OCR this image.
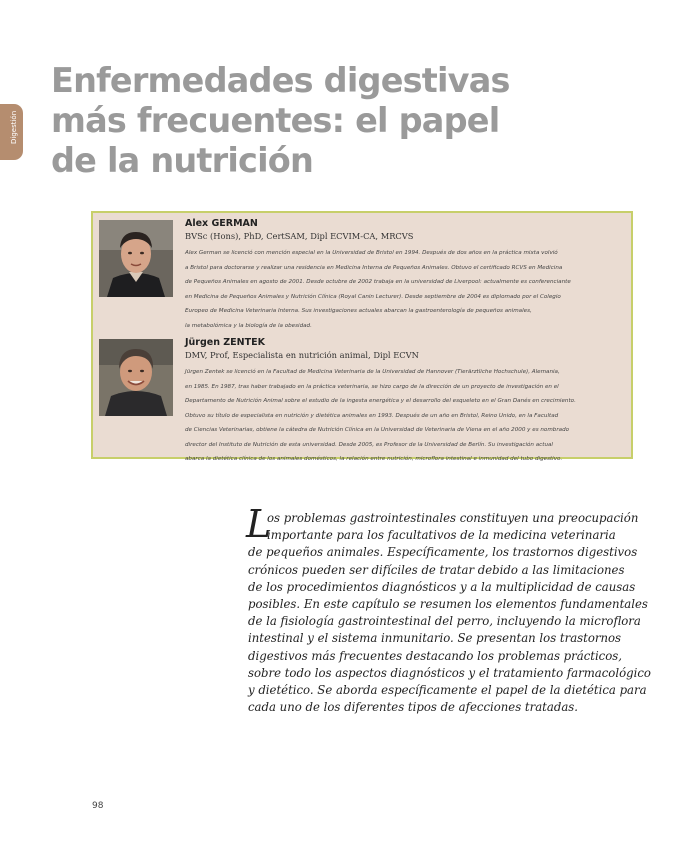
Digestión
Enfermedades digestivas
más frecuentes: el papel
de la nutrición
Alex GERMAN
BVSc (Hons), PhD, CertSAM, Dipl ECVIM-CA, MRCVS
Alex German se licenció con mención especial en la Universidad de Bristol en 1994. Después de dos años en la práctica mixta volvió
a Bristol para doctorarse y realizar una residencia en Medicina Interna de Pequeños Animales. Obtuvo el certificado RCVS en Medicina
de Pequeños Animales en agosto de 2001. Desde octubre de 2002 trabaja en la universidad de Liverpool: actualmente es conferenciante
en Medicina de Pequeños Animales y Nutrición Clínica (Royal Canin Lecturer). Desde septiembre de 2004 es diplomado por el Colegio
Europeo de Medicina Veterinaria Interna. Sus investigaciones actuales abarcan la gastroenterología de pequeños animales,
la metabolómica y la biología de la obesidad.
Jürgen ZENTEK
DMV, Prof, Especialista en nutrición animal, Dipl ECVN
Jürgen Zentek se licenció en la Facultad de Medicina Veterinaria de la Universidad de Hannover (Tierärztliche Hochschule), Alemania,
en 1985. En 1987, tras haber trabajado en la práctica veterinaria, se hizo cargo de la dirección de un proyecto de investigación en el
Departamento de Nutrición Animal sobre el estudio de la ingesta energética y el desarrollo del esqueleto en el Gran Danés en crecimiento.
Obtuvo su título de especialista en nutrición y dietética animales en 1993. Después de un año en Bristol, Reino Unido, en la Facultad
de Ciencias Veterinarias, obtiene la cátedra de Nutrición Clínica en la Universidad de Veterinaria de Viena en el año 2000 y es nombrado
director del Instituto de Nutrición de esta universidad. Desde 2005, es Profesor de la Universidad de Berlín. Su investigación actual
abarca la dietética clínica de los animales domésticos, la relación entre nutrición, microflora intestinal e inmunidad del tubo digestivo.
L
os problemas gastrointestinales constituyen una preocupación
importante para los facultativos de la medicina veterinaria
de pequeños animales. Específicamente, los trastornos digestivos
crónicos pueden ser difíciles de tratar debido a las limitaciones
de los procedimientos diagnósticos y a la multiplicidad de causas
posibles. En este capítulo se resumen los elementos fundamentales
de la fisiología gastrointestinal del perro, incluyendo la microflora
intestinal y el sistema inmunitario. Se presentan los trastornos
digestivos más frecuentes destacando los problemas prácticos,
sobre todo los aspectos diagnósticos y el tratamiento farmacológico
y dietético. Se aborda específicamente el papel de la dietética para
cada uno de los diferentes tipos de afecciones tratadas.
98
